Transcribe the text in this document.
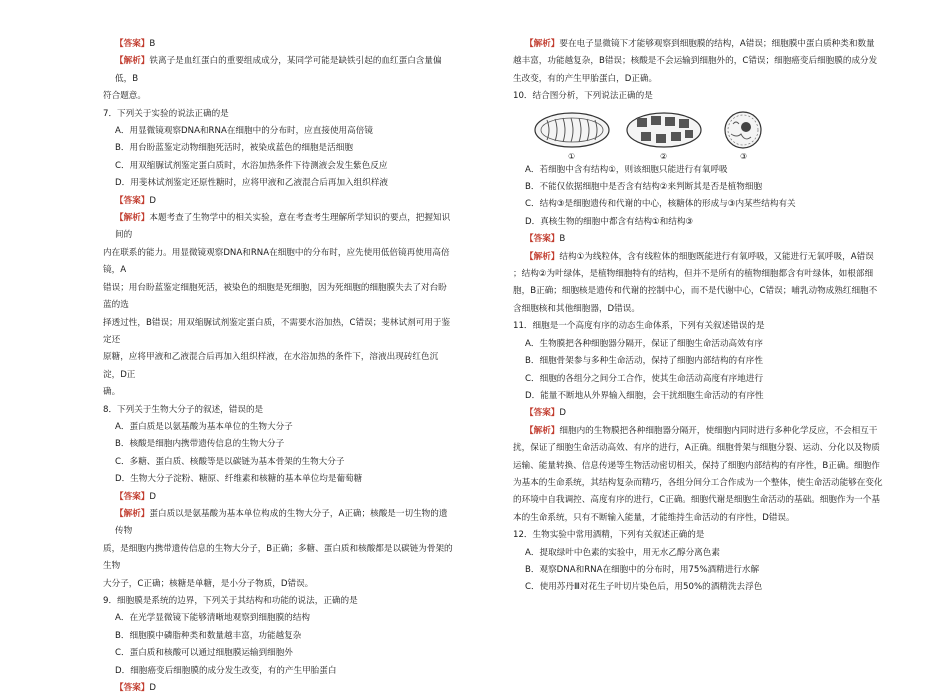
【答案】B

【解析】铁离子是血红蛋白的重要组成成分，某同学可能是缺铁引起的血红蛋白含量偏低，B

符合题意。

7．下列关于实验的说法正确的是

A．用显微镜观察DNA和RNA在细胞中的分布时，应直接使用高倍镜

B．用台盼蓝鉴定动物细胞死活时，被染成蓝色的细胞是活细胞

C．用双缩脲试剂鉴定蛋白质时，水浴加热条件下待测液会发生紫色反应

D．用斐林试剂鉴定还原性糖时，应将甲液和乙液混合后再加入组织样液

【答案】D

【解析】本题考查了生物学中的相关实验，意在考查考生理解所学知识的要点，把握知识间的

内在联系的能力。用显微镜观察DNA和RNA在细胞中的分布时，应先使用低倍镜再使用高倍镜，A

错误；用台盼蓝鉴定细胞死活，被染色的细胞是死细胞，因为死细胞的细胞膜失去了对台盼蓝的选

择透过性，B错误；用双缩脲试剂鉴定蛋白质，不需要水浴加热，C错误；斐林试剂可用于鉴定还

原糖，应将甲液和乙液混合后再加入组织样液，在水浴加热的条件下，溶液出现砖红色沉淀，D正

确。

8．下列关于生物大分子的叙述，错误的是

A．蛋白质是以氨基酸为基本单位的生物大分子

B．核酸是细胞内携带遗传信息的生物大分子

C．多糖、蛋白质、核酸等是以碳链为基本骨架的生物大分子

D．生物大分子淀粉、糖原、纤维素和核糖的基本单位均是葡萄糖

【答案】D

【解析】蛋白质以是氨基酸为基本单位构成的生物大分子，A正确；核酸是一切生物的遗传物

质，是细胞内携带遗传信息的生物大分子，B正确；多糖、蛋白质和核酸都是以碳链为骨架的生物

大分子，C正确；核糖是单糖，是小分子物质，D错误。

9．细胞膜是系统的边界，下列关于其结构和功能的说法，正确的是

A．在光学显微镜下能够清晰地观察到细胞膜的结构

B．细胞膜中磷脂种类和数量越丰富，功能越复杂

C．蛋白质和核酸可以通过细胞膜运输到细胞外

D．细胞癌变后细胞膜的成分发生改变，有的产生甲胎蛋白

【答案】D

【解析】要在电子显微镜下才能够观察到细胞膜的结构，A错误；细胞膜中蛋白质种类和数量

越丰富，功能越复杂，B错误；核酸是不会运输到细胞外的，C错误；细胞癌变后细胞膜的成分发

生改变，有的产生甲胎蛋白，D正确。

10．结合图分析，下列说法正确的是

①	②	③

A．若细胞中含有结构①，则该细胞只能进行有氧呼吸

B．不能仅依据细胞中是否含有结构②来判断其是否是植物细胞

C．结构③是细胞遗传和代谢的中心，核糖体的形成与③内某些结构有关

D．真核生物的细胞中都含有结构①和结构③

【答案】B

【解析】结构①为线粒体，含有线粒体的细胞既能进行有氧呼吸，又能进行无氧呼吸，A错误

；结构②为叶绿体，是植物细胞特有的结构，但并不是所有的植物细胞都含有叶绿体，如根部细

胞，B正确；细胞核是遗传和代谢的控制中心，而不是代谢中心，C错误；哺乳动物成熟红细胞不

含细胞核和其他细胞器，D错误。

11．细胞是一个高度有序的动态生命体系，下列有关叙述错误的是

A．生物膜把各种细胞器分隔开，保证了细胞生命活动高效有序

B．细胞骨架参与多种生命活动，保持了细胞内部结构的有序性

C．细胞的各组分之间分工合作，使其生命活动高度有序地进行

D．能量不断地从外界输入细胞，会干扰细胞生命活动的有序性

【答案】D

【解析】细胞内的生物膜把各种细胞器分隔开，使细胞内同时进行多种化学反应，不会相互干

扰，保证了细胞生命活动高效、有序的进行，A正确。细胞骨架与细胞分裂、运动、分化以及物质

运输、能量转换、信息传递等生物活动密切相关，保持了细胞内部结构的有序性，B正确。细胞作

为基本的生命系统，其结构复杂而精巧，各组分间分工合作成为一个整体，使生命活动能够在变化

的环境中自我调控、高度有序的进行，C正确。细胞代谢是细胞生命活动的基础。细胞作为一个基

本的生命系统，只有不断输入能量，才能维持生命活动的有序性，D错误。

12．生物实验中常用酒精，下列有关叙述正确的是

A．提取绿叶中色素的实验中，用无水乙醇分离色素

B．观察DNA和RNA在细胞中的分布时，用75%酒精进行水解

C．使用苏丹Ⅲ对花生子叶切片染色后，用50%的酒精洗去浮色
